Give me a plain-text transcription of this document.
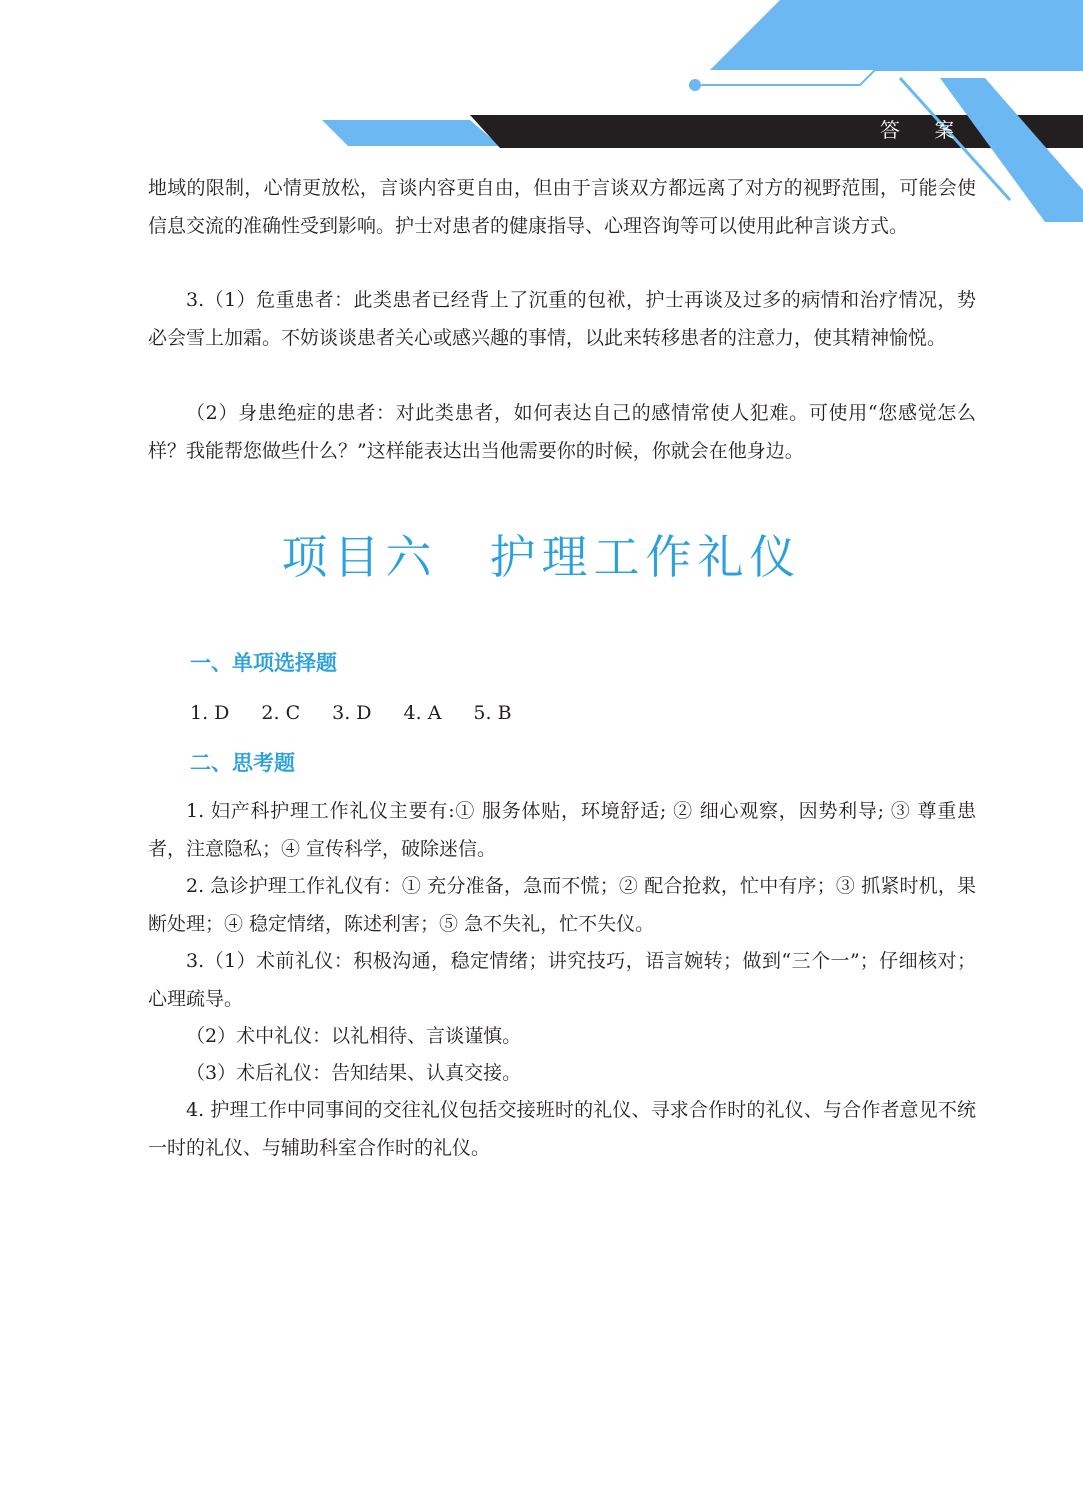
答 案

地域的限制，心情更放松，言谈内容更自由，但由于言谈双方都远离了对方的视野范围，可能会使信息交流的准确性受到影响。护士对患者的健康指导、心理咨询等可以使用此种言谈方式。

3.（1）危重患者：此类患者已经背上了沉重的包袱，护士再谈及过多的病情和治疗情况，势必会雪上加霜。不妨谈谈患者关心或感兴趣的事情，以此来转移患者的注意力，使其精神愉悦。

（2）身患绝症的患者：对此类患者，如何表达自己的感情常使人犯难。可使用“您感觉怎么样？我能帮您做些什么？”这样能表达出当他需要你的时候，你就会在他身边。

项目六　护理工作礼仪
一、单项选择题
1. D 2. C 3. D 4. A 5. B
二、思考题

1. 妇产科护理工作礼仪主要有:① 服务体贴，环境舒适; ② 细心观察，因势利导; ③ 尊重患者，注意隐私；④ 宣传科学，破除迷信。

2. 急诊护理工作礼仪有：① 充分准备，急而不慌；② 配合抢救，忙中有序；③ 抓紧时机，果断处理；④ 稳定情绪，陈述利害；⑤ 急不失礼，忙不失仪。

3.（1）术前礼仪：积极沟通，稳定情绪；讲究技巧，语言婉转；做到“三个一”；仔细核对；心理疏导。

（2）术中礼仪：以礼相待、言谈谨慎。

（3）术后礼仪：告知结果、认真交接。

4. 护理工作中同事间的交往礼仪包括交接班时的礼仪、寻求合作时的礼仪、与合作者意见不统一时的礼仪、与辅助科室合作时的礼仪。
